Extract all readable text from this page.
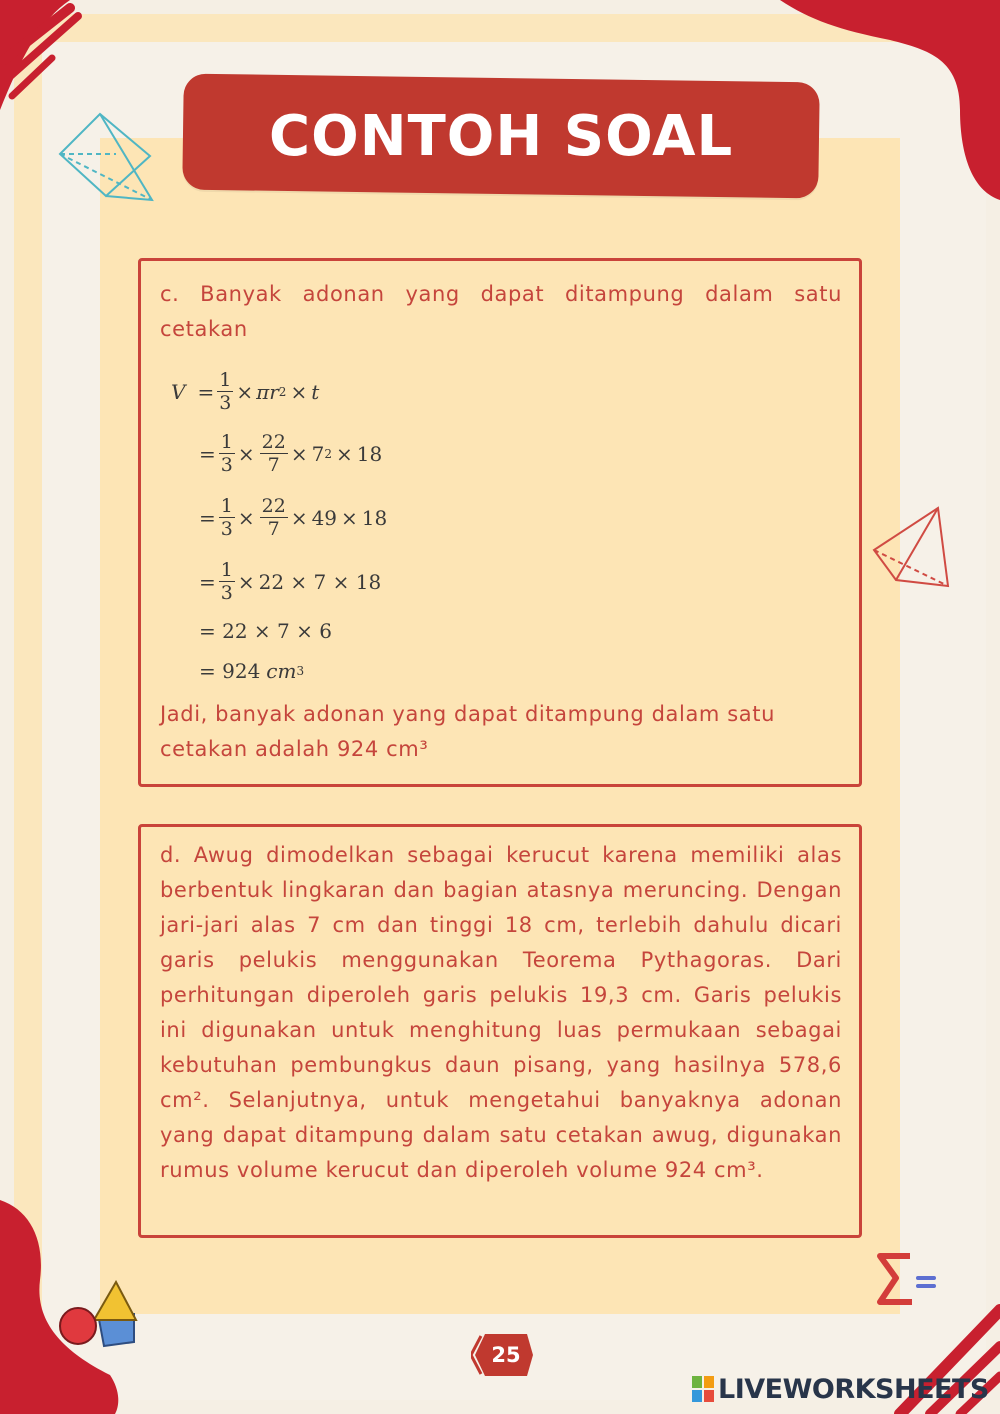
CONTOH SOAL
c. Banyak adonan yang dapat ditampung dalam satu cetakan
$V = \frac{1}{3} \times \pi r$ 2 × t
= $\frac{1}{3} \times \frac{22}{7} \times 7$ 2 × 18
= $\frac{1}{3} \times \frac{22}{7} \times 49 \times 18$
= $\frac{1}{3} \times 22 \times 7 \times 18$
= 22 × 7 × 6
= 924 cm 3
Jadi, banyak adonan yang dapat ditampung dalam satu cetakan adalah 924 cm³
d. Awug dimodelkan sebagai kerucut karena memiliki alas berbentuk lingkaran dan bagian atasnya meruncing. Dengan jari-jari alas 7 cm dan tinggi 18 cm, terlebih dahulu dicari garis pelukis menggunakan Teorema Pythagoras. Dari perhitungan diperoleh garis pelukis 19,3 cm. Garis pelukis ini digunakan untuk menghitung luas permukaan sebagai kebutuhan pembungkus daun pisang, yang hasilnya 578,6 cm². Selanjutnya, untuk mengetahui banyaknya adonan yang dapat ditampung dalam satu cetakan awug, digunakan rumus volume kerucut dan diperoleh volume 924 cm³.
25
LIVEWORKSHEETS
